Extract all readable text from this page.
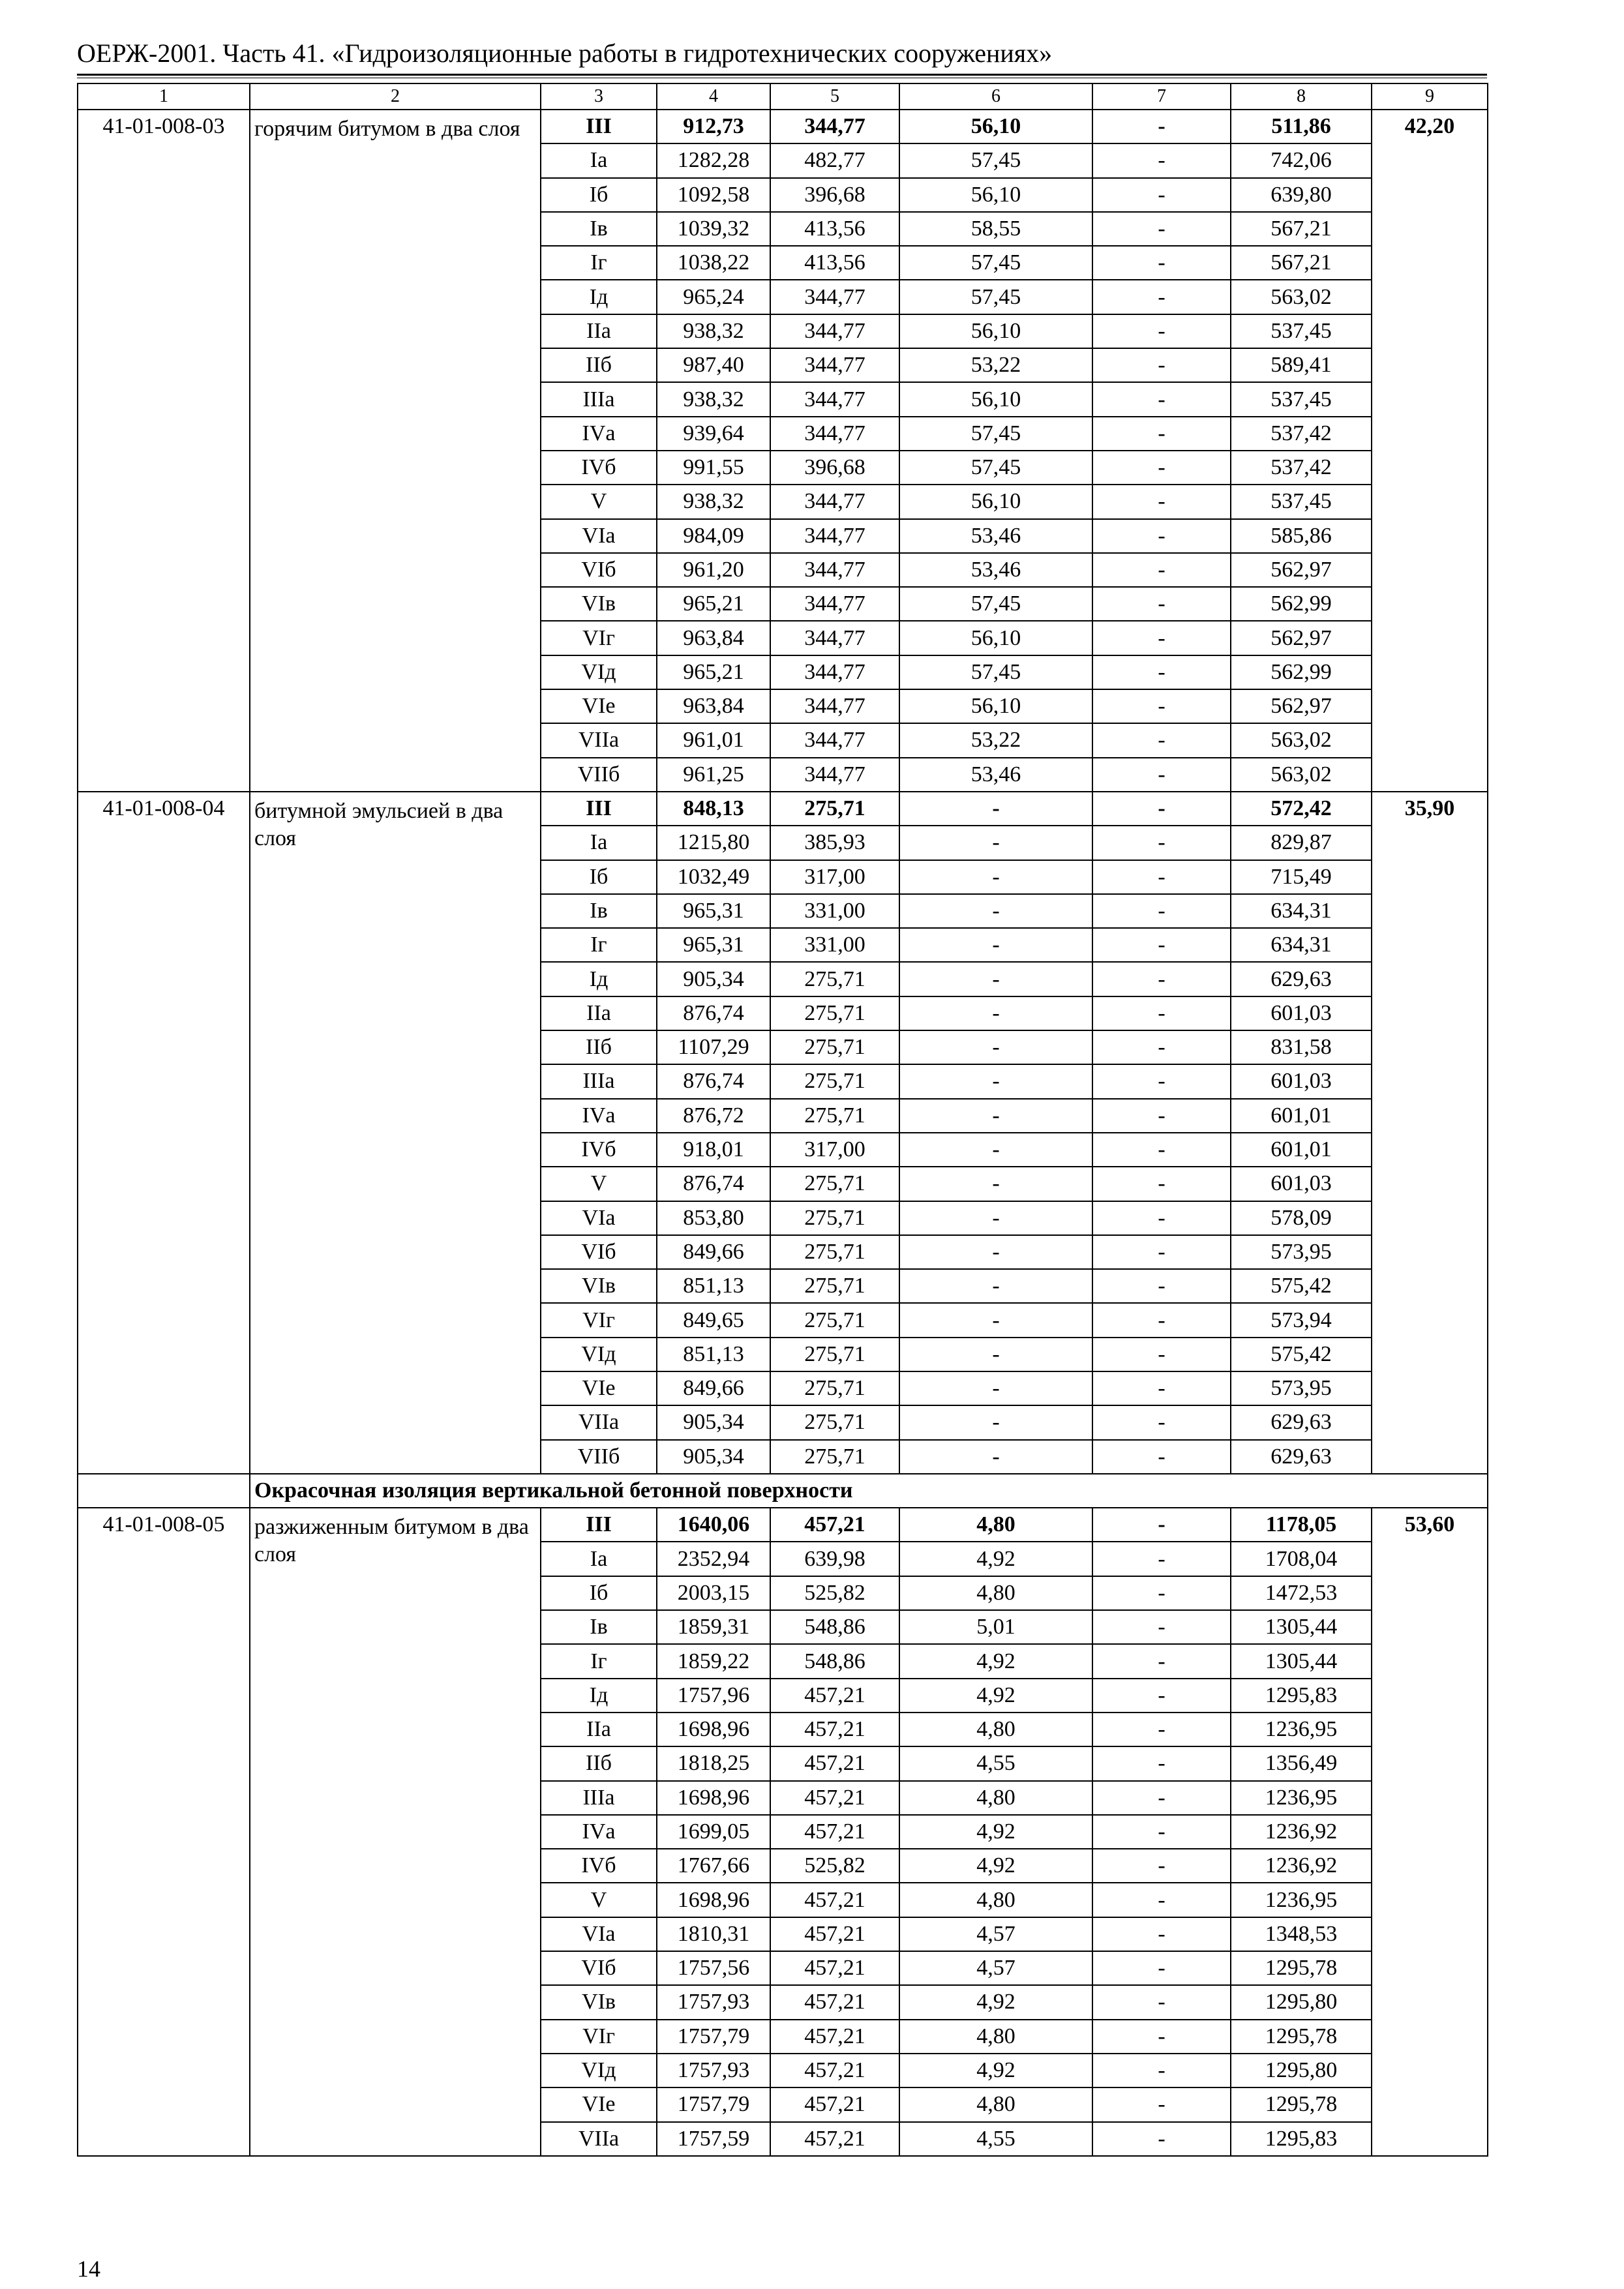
ОЕРЖ-2001. Часть 41. «Гидроизоляционные работы в гидротехнических сооружениях»
1	2	3	4	5	6	7	8	9
41-01-008-03	горячим битумом в два слоя	III	912,73	344,77	56,10	-	511,86	42,20
		Iа	1282,28	482,77	57,45	-	742,06	
		Iб	1092,58	396,68	56,10	-	639,80	
		Iв	1039,32	413,56	58,55	-	567,21	
		Iг	1038,22	413,56	57,45	-	567,21	
		Iд	965,24	344,77	57,45	-	563,02	
		IIа	938,32	344,77	56,10	-	537,45	
		IIб	987,40	344,77	53,22	-	589,41	
		IIIа	938,32	344,77	56,10	-	537,45	
		IVа	939,64	344,77	57,45	-	537,42	
		IVб	991,55	396,68	57,45	-	537,42	
		V	938,32	344,77	56,10	-	537,45	
		VIа	984,09	344,77	53,46	-	585,86	
		VIб	961,20	344,77	53,46	-	562,97	
		VIв	965,21	344,77	57,45	-	562,99	
		VIг	963,84	344,77	56,10	-	562,97	
		VIд	965,21	344,77	57,45	-	562,99	
		VIе	963,84	344,77	56,10	-	562,97	
		VIIа	961,01	344,77	53,22	-	563,02	
		VIIб	961,25	344,77	53,46	-	563,02	
41-01-008-04	битумной эмульсией в два слоя	III	848,13	275,71	-	-	572,42	35,90
		Iа	1215,80	385,93	-	-	829,87	
		Iб	1032,49	317,00	-	-	715,49	
		Iв	965,31	331,00	-	-	634,31	
		Iг	965,31	331,00	-	-	634,31	
		Iд	905,34	275,71	-	-	629,63	
		IIа	876,74	275,71	-	-	601,03	
		IIб	1107,29	275,71	-	-	831,58	
		IIIа	876,74	275,71	-	-	601,03	
		IVа	876,72	275,71	-	-	601,01	
		IVб	918,01	317,00	-	-	601,01	
		V	876,74	275,71	-	-	601,03	
		VIа	853,80	275,71	-	-	578,09	
		VIб	849,66	275,71	-	-	573,95	
		VIв	851,13	275,71	-	-	575,42	
		VIг	849,65	275,71	-	-	573,94	
		VIд	851,13	275,71	-	-	575,42	
		VIе	849,66	275,71	-	-	573,95	
		VIIа	905,34	275,71	-	-	629,63	
		VIIб	905,34	275,71	-	-	629,63	
	Окрасочная изоляция вертикальной бетонной поверхности							
41-01-008-05	разжиженным битумом в два слоя	III	1640,06	457,21	4,80	-	1178,05	53,60
		Iа	2352,94	639,98	4,92	-	1708,04	
		Iб	2003,15	525,82	4,80	-	1472,53	
		Iв	1859,31	548,86	5,01	-	1305,44	
		Iг	1859,22	548,86	4,92	-	1305,44	
		Iд	1757,96	457,21	4,92	-	1295,83	
		IIа	1698,96	457,21	4,80	-	1236,95	
		IIб	1818,25	457,21	4,55	-	1356,49	
		IIIа	1698,96	457,21	4,80	-	1236,95	
		IVа	1699,05	457,21	4,92	-	1236,92	
		IVб	1767,66	525,82	4,92	-	1236,92	
		V	1698,96	457,21	4,80	-	1236,95	
		VIа	1810,31	457,21	4,57	-	1348,53	
		VIб	1757,56	457,21	4,57	-	1295,78	
		VIв	1757,93	457,21	4,92	-	1295,80	
		VIг	1757,79	457,21	4,80	-	1295,78	
		VIд	1757,93	457,21	4,92	-	1295,80	
		VIе	1757,79	457,21	4,80	-	1295,78	
		VIIа	1757,59	457,21	4,55	-	1295,83	
14
